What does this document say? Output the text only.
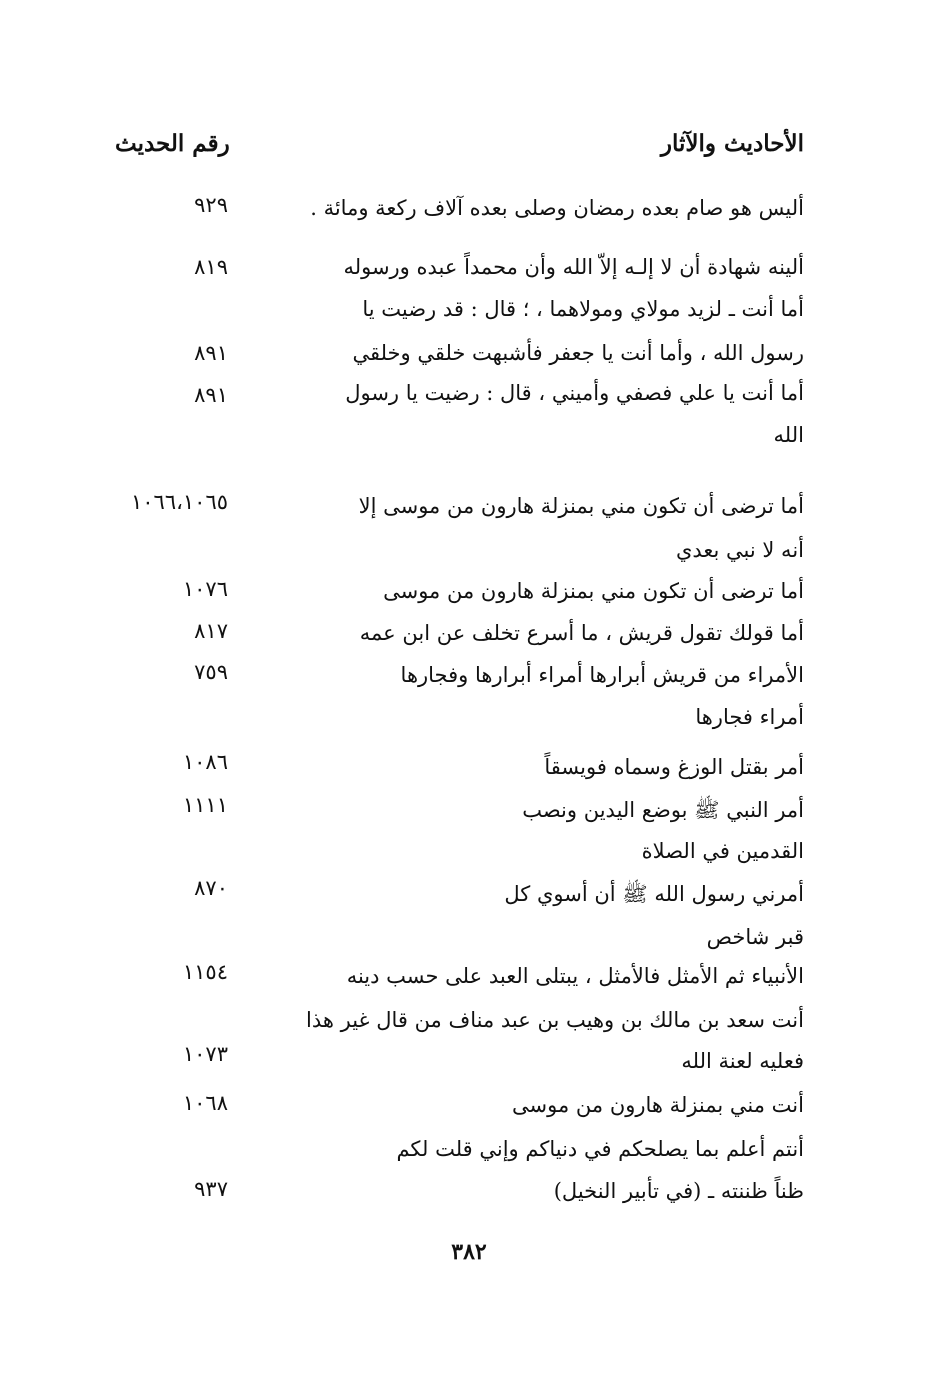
الأحاديث والآثار
رقم الحديث
أليس هو صام بعده رمضان وصلى بعده آلاف ركعة ومائة .
٩٢٩
ألينه شهادة أن لا إلـه إلاّ الله وأن محمداً عبده ورسوله
٨١٩
أما أنت ـ لزيد مولاي ومولاهما ، ؛ قال : قد رضيت يا
رسول الله ، وأما أنت يا جعفر فأشبهت خلقي وخلقي
٨٩١
أما أنت يا علي فصفي وأميني ، قال : رضيت يا رسول
٨٩١
الله
أما ترضى أن تكون مني بمنزلة هارون من موسى إلا
١٠٦٦،١٠٦٥
أنه لا نبي بعدي
أما ترضى أن تكون مني بمنزلة هارون من موسى
١٠٧٦
أما قولك تقول قريش ، ما أسرع تخلف عن ابن عمه
٨١٧
الأمراء من قريش أبرارها أمراء أبرارها وفجارها
٧٥٩
أمراء فجارها
أمر بقتل الوزغ وسماه فويسقاً
١٠٨٦
أمر النبي ﷺ بوضع اليدين ونصب
١١١١
القدمين في الصلاة
أمرني رسول الله ﷺ أن أسوي كل
٨٧٠
قبر شاخص
الأنبياء ثم الأمثل فالأمثل ، يبتلى العبد على حسب دينه
١١٥٤
أنت سعد بن مالك بن وهيب بن عبد مناف من قال غير هذا
١٠٧٣	فعليه لعنة الله
أنت مني بمنزلة هارون من موسى
١٠٦٨
أنتم أعلم بما يصلحكم في دنياكم وإني قلت لكم
ظناً ظننته ـ (في تأبير النخيل)
٩٣٧
٣٨٢
